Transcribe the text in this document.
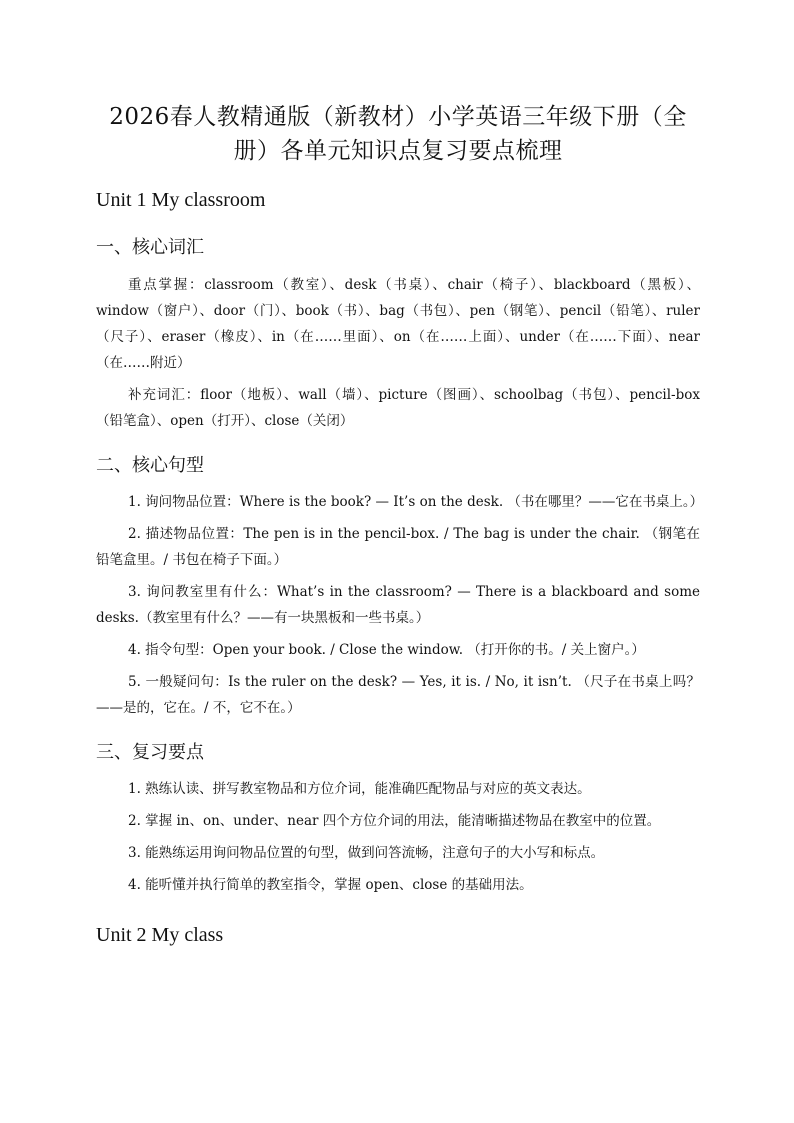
2026春人教精通版（新教材）小学英语三年级下册（全
册）各单元知识点复习要点梳理
Unit 1 My classroom
一、核心词汇

重点掌握：classroom（教室）、desk（书桌）、chair（椅子）、blackboard（黑板）、window（窗户）、door（门）、book（书）、bag（书包）、pen（钢笔）、pencil（铅笔）、ruler（尺子）、eraser（橡皮）、in（在……里面）、on（在……上面）、under（在……下面）、near（在……附近）

补充词汇：floor（地板）、wall（墙）、picture（图画）、schoolbag（书包）、pencil-box（铅笔盒）、open（打开）、close（关闭）

二、核心句型

1. 询问物品位置：Where is the book? — It’s on the desk. （书在哪里？——它在书桌上。）

2. 描述物品位置：The pen is in the pencil-box. / The bag is under the chair. （钢笔在铅笔盒里。/ 书包在椅子下面。）

3. 询问教室里有什么：What’s in the classroom? — There is a blackboard and some desks.（教室里有什么？——有一块黑板和一些书桌。）

4. 指令句型：Open your book. / Close the window. （打开你的书。/ 关上窗户。）

5. 一般疑问句：Is the ruler on the desk? — Yes, it is. / No, it isn’t. （尺子在书桌上吗？——是的，它在。/ 不，它不在。）

三、复习要点

1. 熟练认读、拼写教室物品和方位介词，能准确匹配物品与对应的英文表达。

2. 掌握 in、on、under、near 四个方位介词的用法，能清晰描述物品在教室中的位置。

3. 能熟练运用询问物品位置的句型，做到问答流畅，注意句子的大小写和标点。

4. 能听懂并执行简单的教室指令，掌握 open、close 的基础用法。

Unit 2 My class
